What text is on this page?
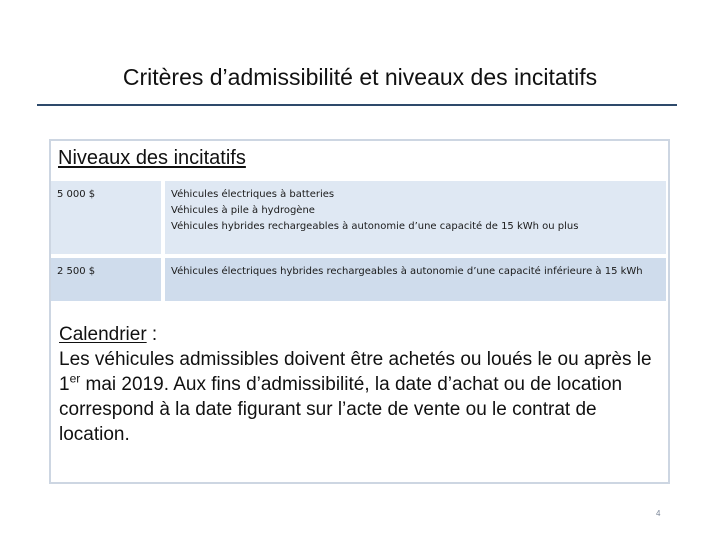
Critères d’admissibilité et niveaux des incitatifs
Niveaux des incitatifs
5 000 $	Véhicules électriques à batteries
Véhicules à pile à hydrogène
Véhicules hybrides rechargeables à autonomie d’une capacité de 15 kWh ou plus

2 500 $	Véhicules électriques hybrides rechargeables à autonomie d’une capacité inférieure à 15 kWh
Calendrier :
Les véhicules admissibles doivent être achetés ou loués le ou après le 1er mai 2019. Aux fins d’admissibilité, la date d’achat ou de location correspond à la date figurant sur l’acte de vente ou le contrat de location.
4
